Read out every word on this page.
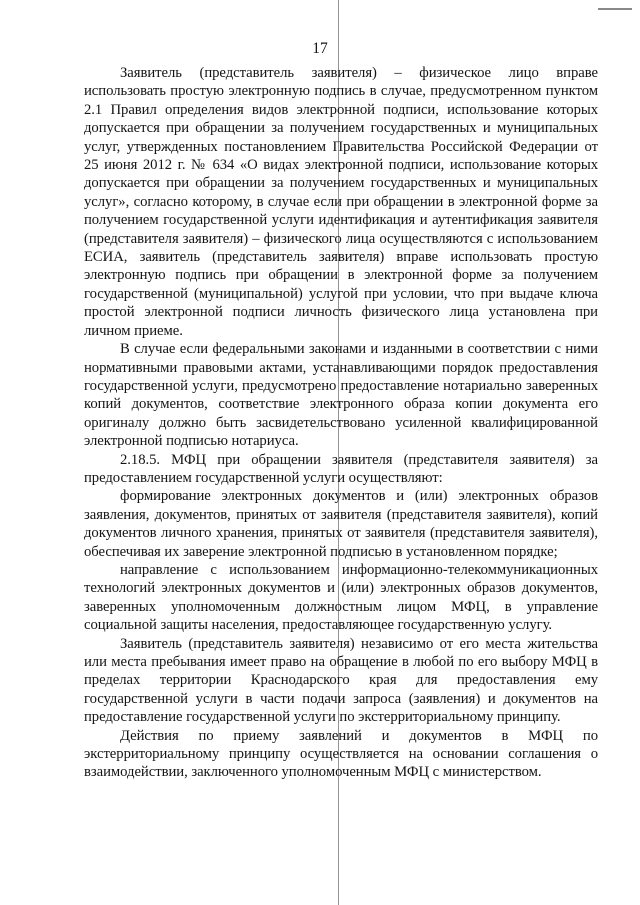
17

Заявитель (представитель заявителя) – физическое лицо вправе использовать простую электронную подпись в случае, предусмотренном пунктом 2.1 Правил определения видов электронной подписи, использование которых допускается при обращении за получением государственных и муниципальных услуг, утвержденных постановлением Правительства Российской Федерации от 25 июня 2012 г. № 634 «О видах электронной подписи, использование которых допускается при обращении за получением государственных и муниципальных услуг», согласно которому, в случае если при обращении в электронной форме за получением государственной услуги идентификация и аутентификация заявителя (представителя заявителя) – физического лица осуществляются с использованием ЕСИА, заявитель (представитель заявителя) вправе использовать простую электронную подпись при обращении в электронной форме за получением государственной (муниципальной) услугой при условии, что при выдаче ключа простой электронной подписи личность физического лица установлена при личном приеме.

В случае если федеральными законами и изданными в соответствии с ними нормативными правовыми актами, устанавливающими порядок предоставления государственной услуги, предусмотрено предоставление нотариально заверенных копий документов, соответствие электронного образа копии документа его оригиналу должно быть засвидетельствовано усиленной квалифицированной электронной подписью нотариуса.

2.18.5. МФЦ при обращении заявителя (представителя заявителя) за предоставлением государственной услуги осуществляют:

формирование электронных документов и (или) электронных образов заявления, документов, принятых от заявителя (представителя заявителя), копий документов личного хранения, принятых от заявителя (представителя заявителя), обеспечивая их заверение электронной подписью в установленном порядке;

направление с использованием информационно-телекоммуникационных технологий электронных документов и (или) электронных образов документов, заверенных уполномоченным должностным лицом МФЦ, в управление социальной защиты населения, предоставляющее государственную услугу.

Заявитель (представитель заявителя) независимо от его места жительства или места пребывания имеет право на обращение в любой по его выбору МФЦ в пределах территории Краснодарского края для предоставления ему государственной услуги в части подачи запроса (заявления) и документов на предоставление государственной услуги по экстерриториальному принципу.

Действия по приему заявлений и документов в МФЦ по экстерриториальному принципу осуществляется на основании соглашения о взаимодействии, заключенного уполномоченным МФЦ с министерством.
